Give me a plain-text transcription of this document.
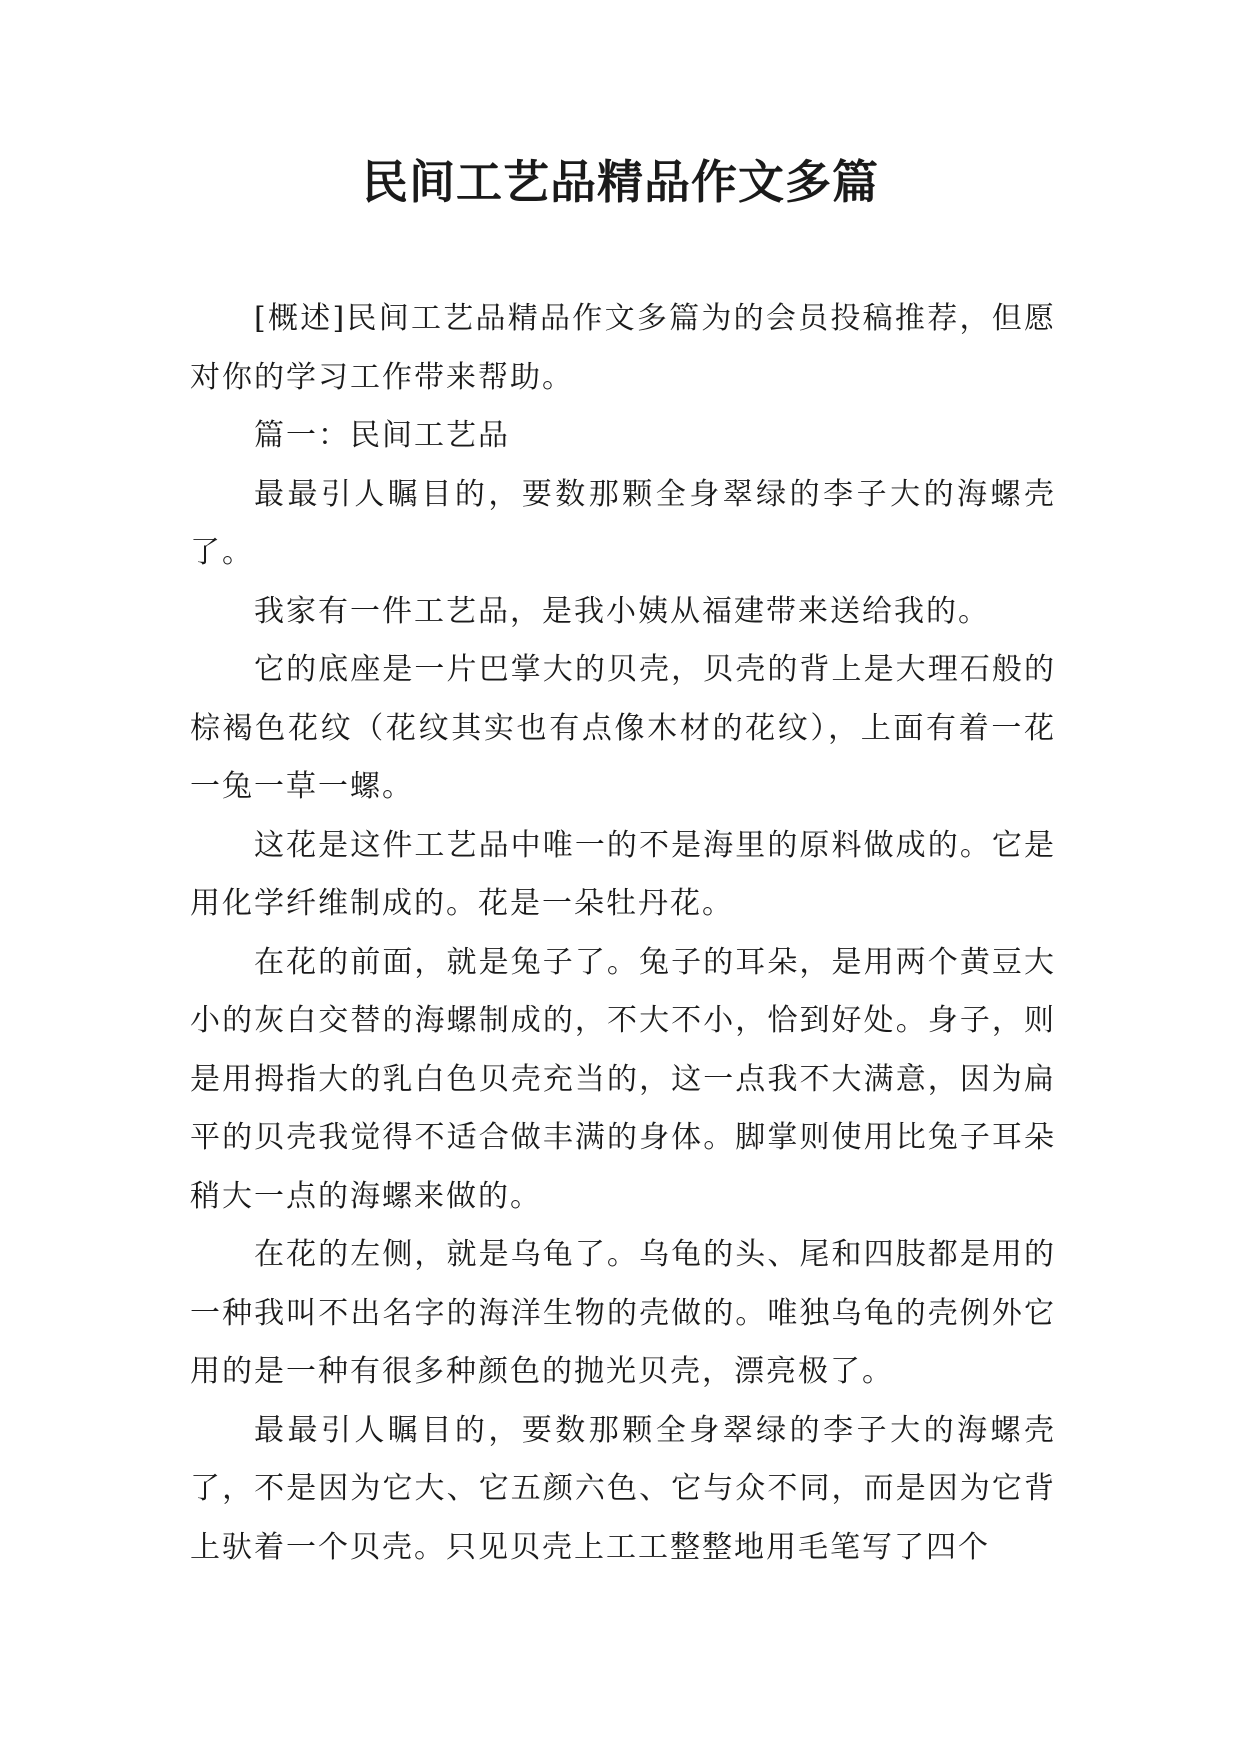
民间工艺品精品作文多篇

[概述]民间工艺品精品作文多篇为的会员投稿推荐，但愿对你的学习工作带来帮助。

篇一：民间工艺品

最最引人瞩目的，要数那颗全身翠绿的李子大的海螺壳了。

我家有一件工艺品，是我小姨从福建带来送给我的。

它的底座是一片巴掌大的贝壳，贝壳的背上是大理石般的棕褐色花纹（花纹其实也有点像木材的花纹），上面有着一花一兔一草一螺。

这花是这件工艺品中唯一的不是海里的原料做成的。它是用化学纤维制成的。花是一朵牡丹花。

在花的前面，就是兔子了。兔子的耳朵，是用两个黄豆大小的灰白交替的海螺制成的，不大不小，恰到好处。身子，则是用拇指大的乳白色贝壳充当的，这一点我不大满意，因为扁平的贝壳我觉得不适合做丰满的身体。脚掌则使用比兔子耳朵稍大一点的海螺来做的。

在花的左侧，就是乌龟了。乌龟的头、尾和四肢都是用的一种我叫不出名字的海洋生物的壳做的。唯独乌龟的壳例外它用的是一种有很多种颜色的抛光贝壳，漂亮极了。

最最引人瞩目的，要数那颗全身翠绿的李子大的海螺壳了，不是因为它大、它五颜六色、它与众不同，而是因为它背上驮着一个贝壳。只见贝壳上工工整整地用毛笔写了四个
